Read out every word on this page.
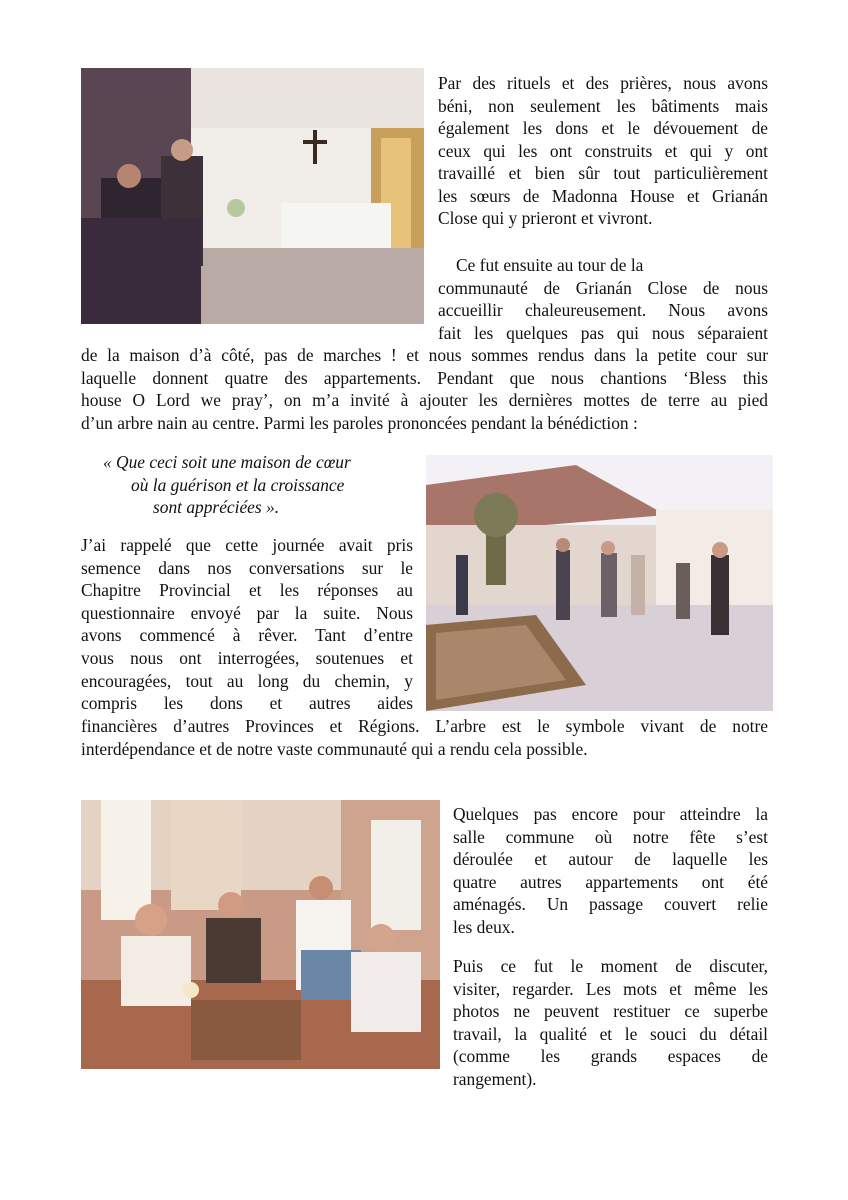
Par des rituels et des prières, nous avons
béni, non seulement les bâtiments mais
également les dons et le dévouement de
ceux qui les ont construits et qui y ont
travaillé et bien sûr tout particulièrement
les sœurs de Madonna House et Grianán

Close qui y prieront et vivront.

Ce fut ensuite au tour de la
communauté de Grianán Close de nous
accueillir chaleureusement. Nous avons
fait les quelques pas qui nous séparaient

de la maison d’à côté, pas de marches ! et nous sommes rendus dans la petite cour sur
laquelle donnent quatre des appartements. Pendant que nous chantions ‘Bless this
house O Lord we pray’, on m’a invité à ajouter les dernières mottes de terre au pied

d’un arbre nain au centre. Parmi les paroles prononcées pendant la bénédiction :

« Que ceci soit une maison de cœur
où la guérison et la croissance
sont appréciées ».

J’ai rappelé que cette journée avait pris
semence dans nos conversations sur le
Chapitre Provincial et les réponses au
questionnaire envoyé par la suite. Nous
avons commencé à rêver. Tant d’entre
vous nous ont interrogées, soutenues et
encouragées, tout au long du chemin, y
compris les dons et autres aides

financières d’autres Provinces et Régions. L’arbre est le symbole vivant de notre

interdépendance et de notre vaste communauté qui a rendu cela possible.

Quelques pas encore pour atteindre la
salle commune où notre fête s’est
déroulée et autour de laquelle les
quatre autres appartements ont été
aménagés. Un passage couvert relie

les deux.

Puis ce fut le moment de discuter,
visiter, regarder. Les mots et même les
photos ne peuvent restituer ce superbe
travail, la qualité et le souci du détail
(comme les grands espaces de

rangement).
